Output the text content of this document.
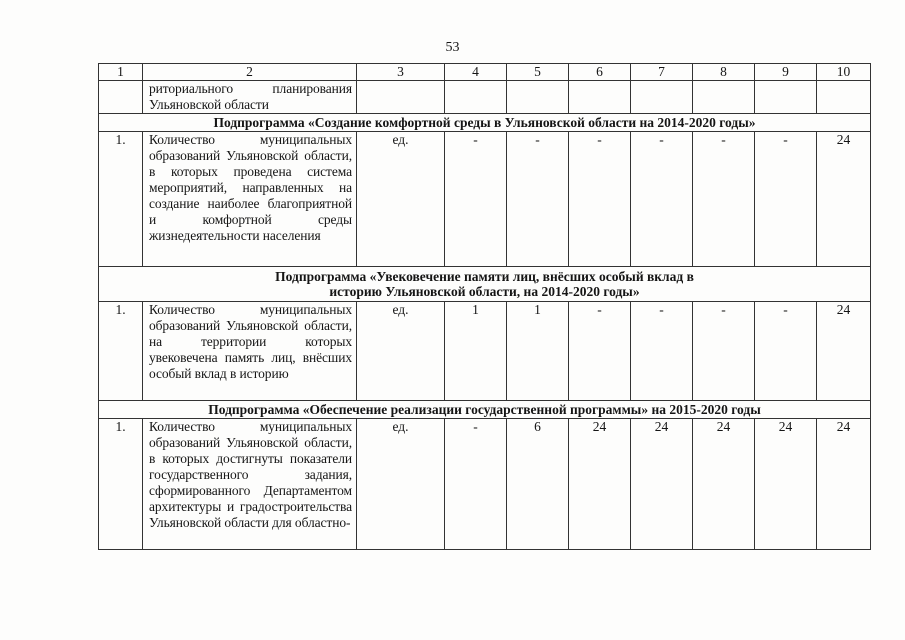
53
1	2	3	4	5	6	7	8	9	10
	риториального планирования Ульяновской области								
Подпрограмма «Создание комфортной среды в Ульяновской области на 2014-2020 годы»									
1.	Количество муниципальных образований Ульяновской области, в которых проведена система мероприятий, направленных на создание наиболее благоприятной и комфортной среды жизнедеятельности населения	ед.	-	-	-	-	-	-	24
Подпрограмма «Увековечение памяти лиц, внёсших особый вклад в историю Ульяновской области, на 2014-2020 годы»									
1.	Количество муниципальных образований Ульяновской области, на территории которых увековечена память лиц, внёсших особый вклад в историю	ед.	1	1	-	-	-	-	24
Подпрограмма «Обеспечение реализации государственной программы» на 2015-2020 годы									
1.	Количество муниципальных образований Ульяновской области, в которых достигнуты показатели государственного задания, сформированного Департаментом архитектуры и градостроительства Ульяновской области для областно-	ед.	-	6	24	24	24	24	24
